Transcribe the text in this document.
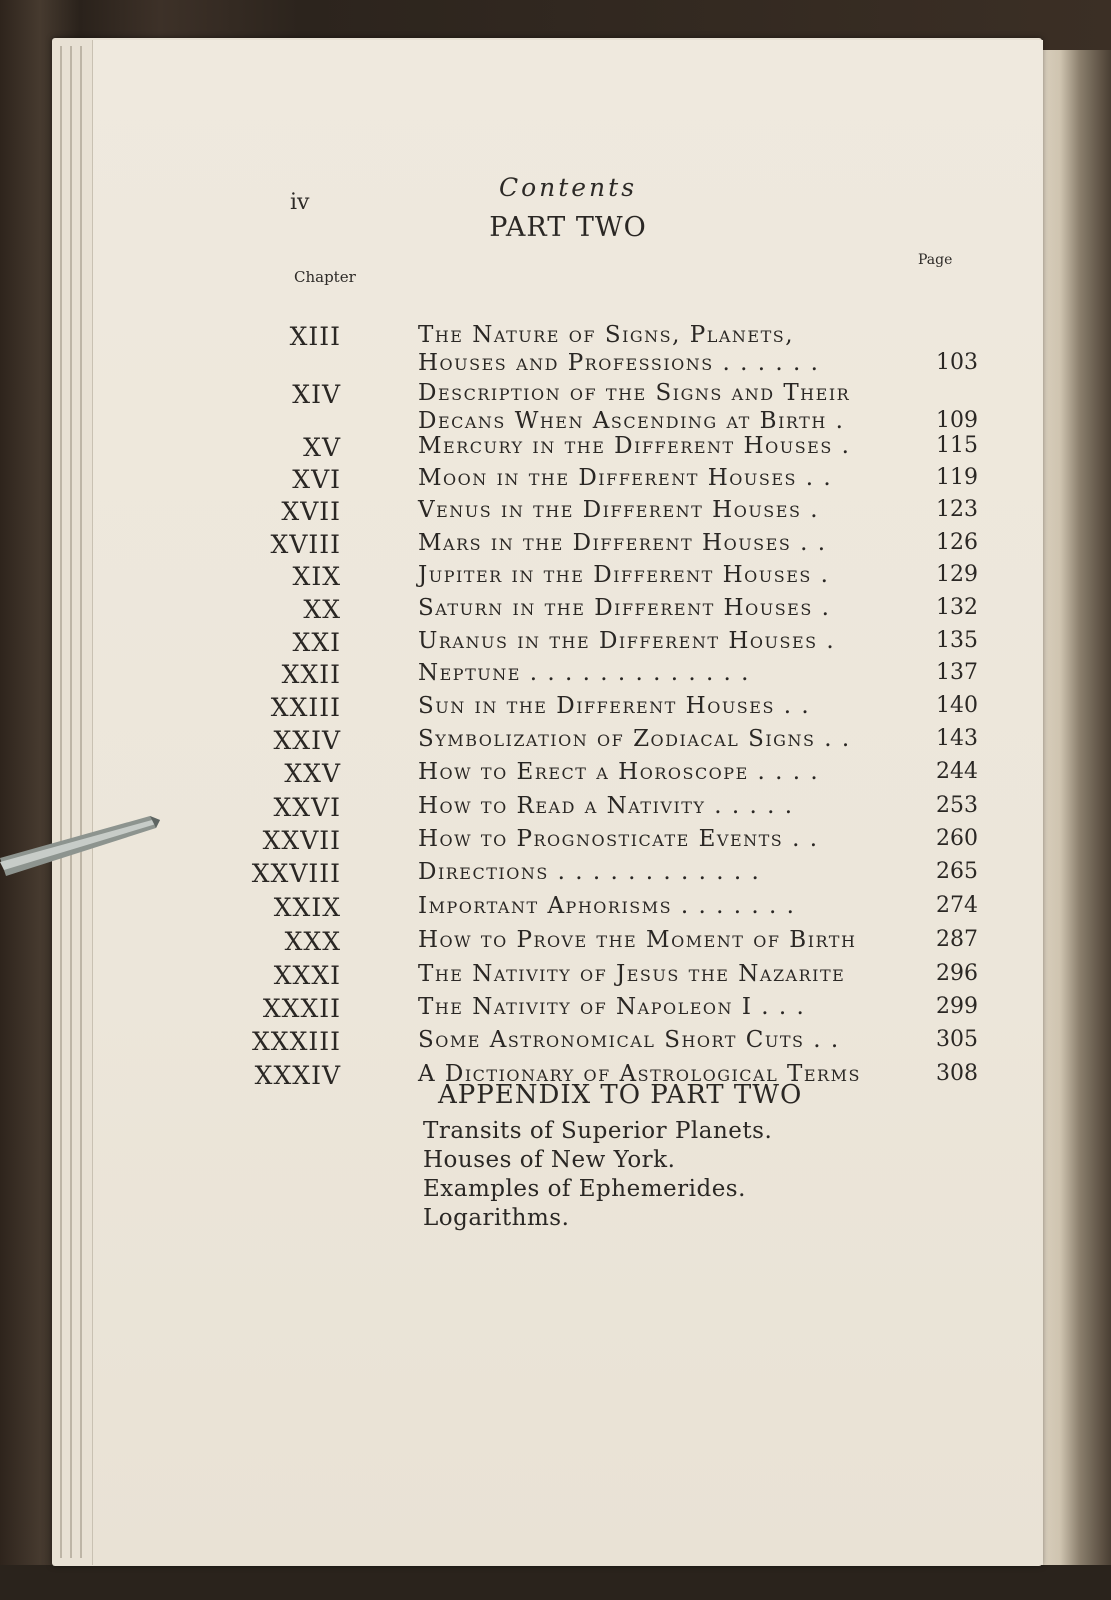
iv
Contents
PART TWO
Chapter
Page
XIII	The Nature of Signs, Planets,
Houses and Professions . . . . . .	103
XIV	Description of the Signs and Their
Decans When Ascending at Birth .	109
XV	Mercury in the Different Houses .	115
XVI	Moon in the Different Houses . .	119
XVII	Venus in the Different Houses .	123
XVIII	Mars in the Different Houses . .	126
XIX	Jupiter in the Different Houses .	129
XX	Saturn in the Different Houses .	132
XXI	Uranus in the Different Houses .	135
XXII	Neptune . . . . . . . . . . . . .	137
XXIII	Sun in the Different Houses . .	140
XXIV	Symbolization of Zodiacal Signs . .	143
XXV	How to Erect a Horoscope . . . .	244
XXVI	How to Read a Nativity . . . . .	253
XXVII	How to Prognosticate Events . .	260
XXVIII	Directions . . . . . . . . . . . .	265
XXIX	Important Aphorisms . . . . . . .	274
XXX	How to Prove the Moment of Birth	287
XXXI	The Nativity of Jesus the Nazarite	296
XXXII	The Nativity of Napoleon I . . .	299
XXXIII	Some Astronomical Short Cuts . .	305
XXXIV	A Dictionary of Astrological Terms	308
APPENDIX TO PART TWO
Transits of Superior Planets.
Houses of New York.
Examples of Ephemerides.
Logarithms.
